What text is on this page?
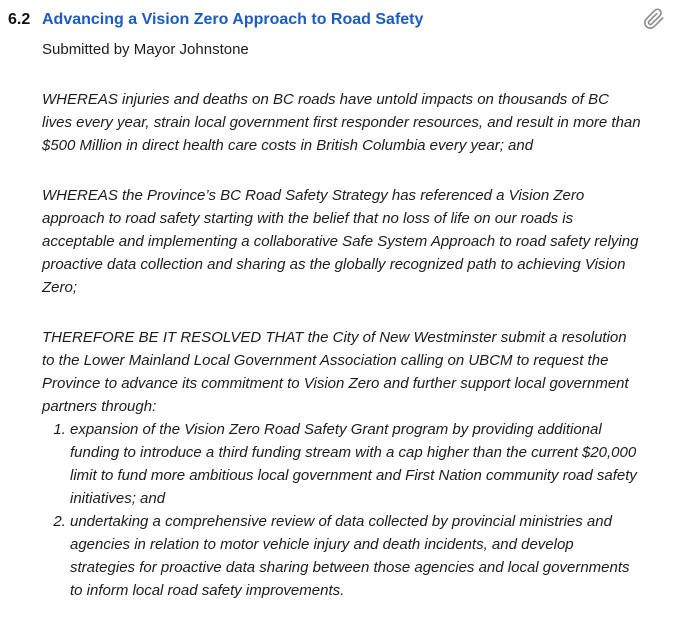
6.2 Advancing a Vision Zero Approach to Road Safety
Submitted by Mayor Johnstone

WHEREAS injuries and deaths on BC roads have untold impacts on thousands of BC lives every year, strain local government first responder resources, and result in more than $500 Million in direct health care costs in British Columbia every year; and

WHEREAS the Province’s BC Road Safety Strategy has referenced a Vision Zero approach to road safety starting with the belief that no loss of life on our roads is acceptable and implementing a collaborative Safe System Approach to road safety relying proactive data collection and sharing as the globally recognized path to achieving Vision Zero;

THEREFORE BE IT RESOLVED THAT the City of New Westminster submit a resolution to the Lower Mainland Local Government Association calling on UBCM to request the Province to advance its commitment to Vision Zero and further support local government partners through:

1. expansion of the Vision Zero Road Safety Grant program by providing additional funding to introduce a third funding stream with a cap higher than the current $20,000 limit to fund more ambitious local government and First Nation community road safety initiatives; and
2. undertaking a comprehensive review of data collected by provincial ministries and agencies in relation to motor vehicle injury and death incidents, and develop strategies for proactive data sharing between those agencies and local governments to inform local road safety improvements.
